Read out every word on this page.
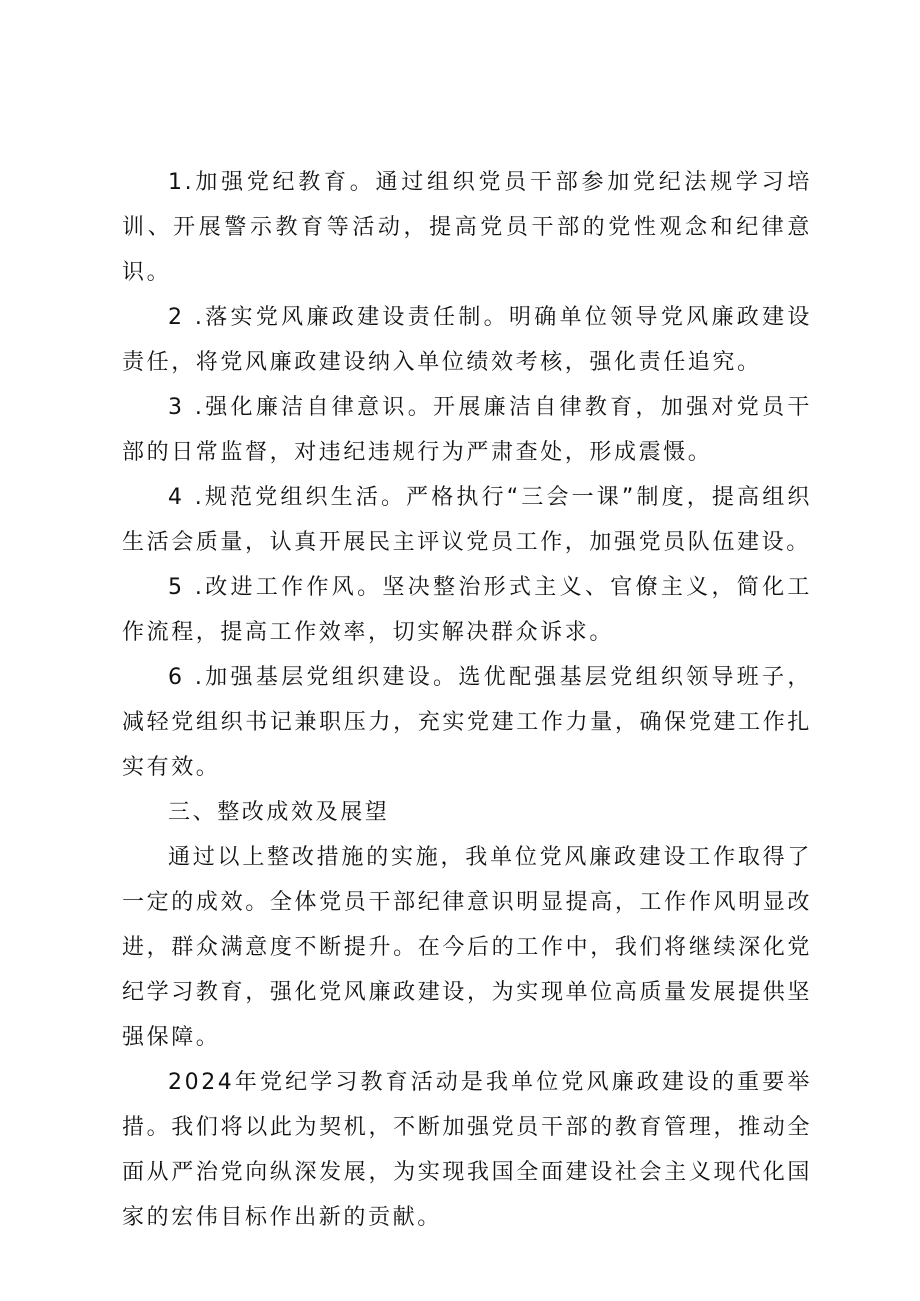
1.加强党纪教育。通过组织党员干部参加党纪法规学习培训、开展警示教育等活动，提高党员干部的党性观念和纪律意识。

2 .落实党风廉政建设责任制。明确单位领导党风廉政建设责任，将党风廉政建设纳入单位绩效考核，强化责任追究。

3 .强化廉洁自律意识。开展廉洁自律教育，加强对党员干部的日常监督，对违纪违规行为严肃查处，形成震慑。

4 .规范党组织生活。严格执行“三会一课”制度，提高组织生活会质量，认真开展民主评议党员工作，加强党员队伍建设。

5 .改进工作作风。坚决整治形式主义、官僚主义，简化工作流程，提高工作效率，切实解决群众诉求。

6 .加强基层党组织建设。选优配强基层党组织领导班子，减轻党组织书记兼职压力，充实党建工作力量，确保党建工作扎实有效。

三、整改成效及展望

通过以上整改措施的实施，我单位党风廉政建设工作取得了一定的成效。全体党员干部纪律意识明显提高，工作作风明显改进，群众满意度不断提升。在今后的工作中，我们将继续深化党纪学习教育，强化党风廉政建设，为实现单位高质量发展提供坚强保障。

2024年党纪学习教育活动是我单位党风廉政建设的重要举措。我们将以此为契机，不断加强党员干部的教育管理，推动全面从严治党向纵深发展，为实现我国全面建设社会主义现代化国家的宏伟目标作出新的贡献。
